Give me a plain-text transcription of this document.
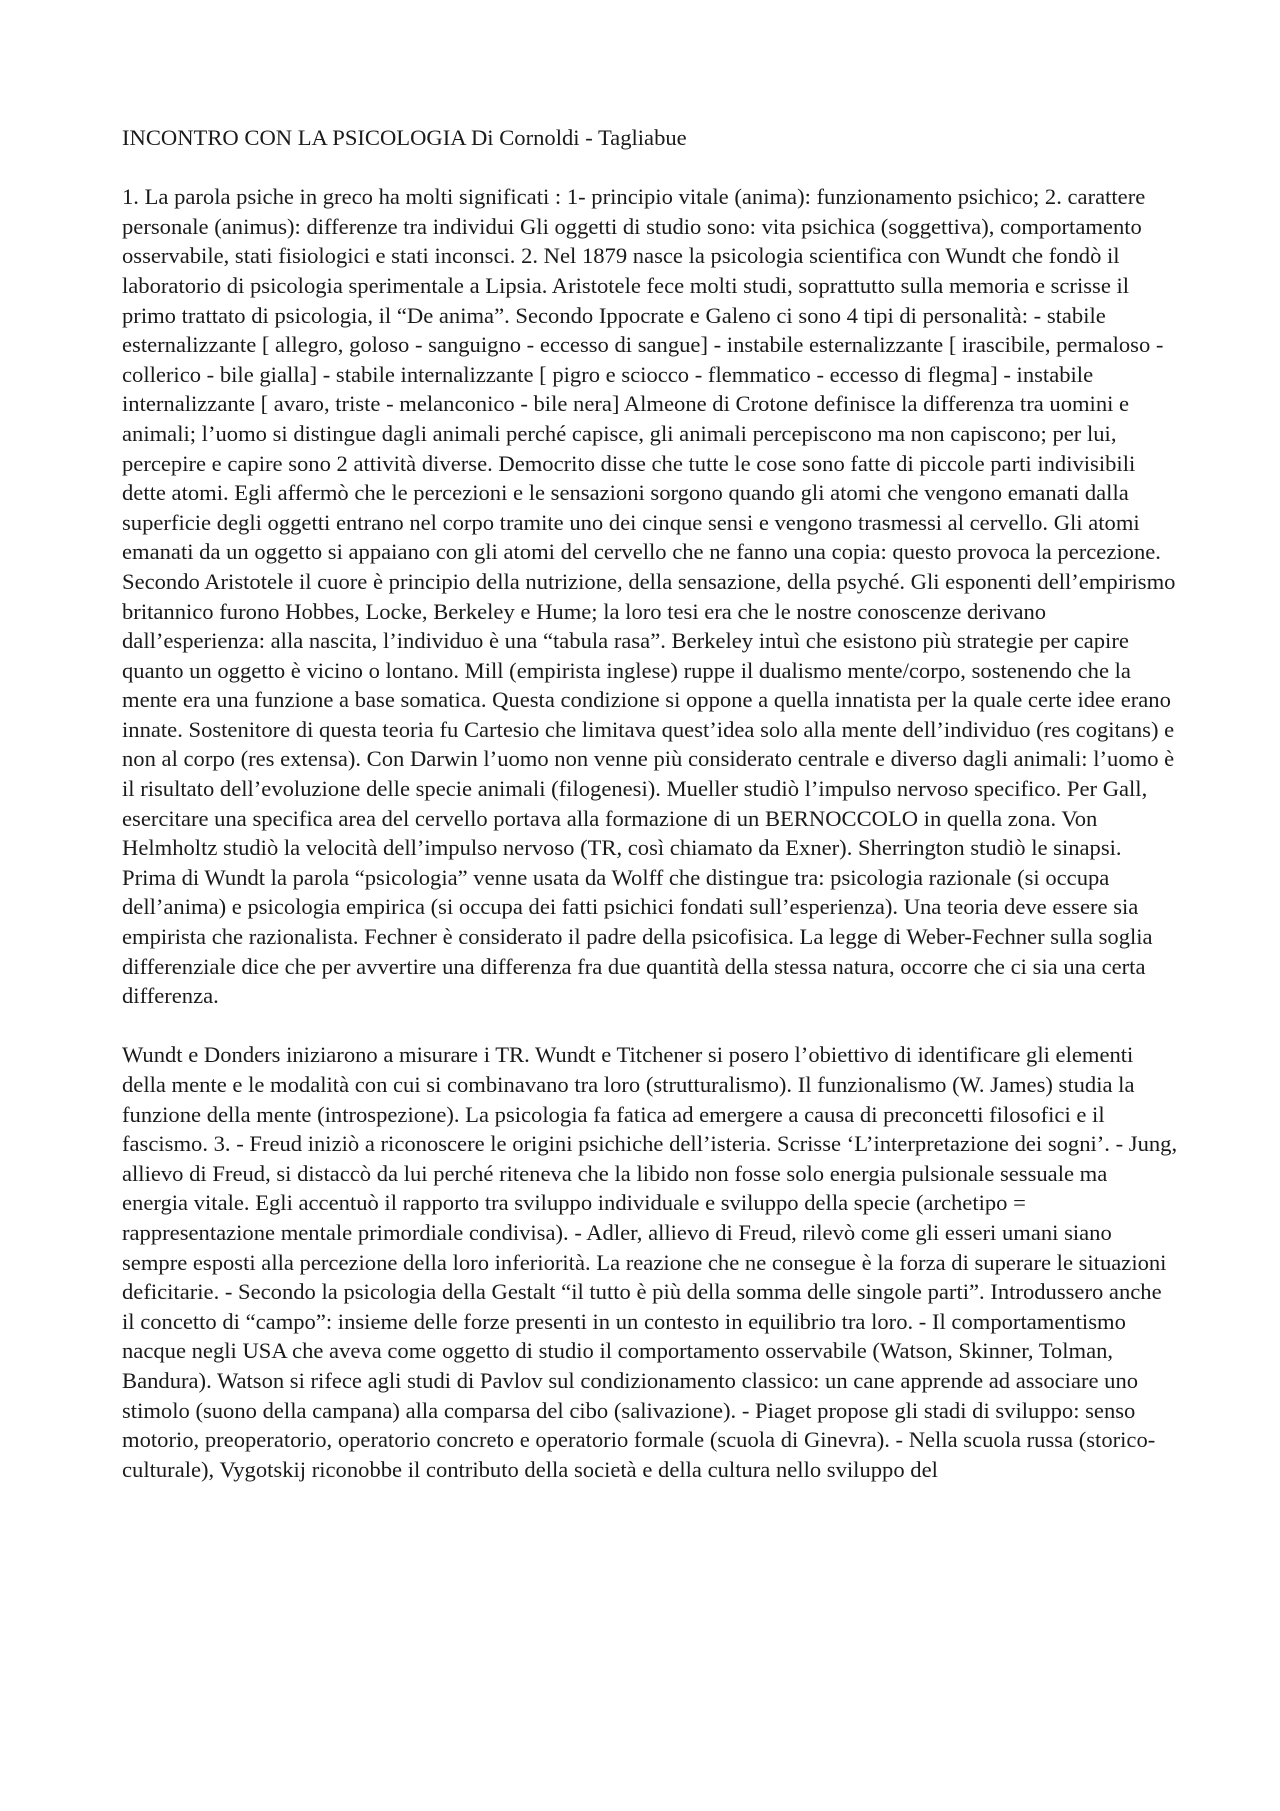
INCONTRO CON LA PSICOLOGIA Di Cornoldi - Tagliabue

1. La parola psiche in greco ha molti significati : 1- principio vitale (anima): funzionamento psichico; 2. carattere personale (animus): differenze tra individui Gli oggetti di studio sono: vita psichica (soggettiva), comportamento osservabile, stati fisiologici e stati inconsci. 2. Nel 1879 nasce la psicologia scientifica con Wundt che fondò il laboratorio di psicologia sperimentale a Lipsia. Aristotele fece molti studi, soprattutto sulla memoria e scrisse il primo trattato di psicologia, il “De anima”. Secondo Ippocrate e Galeno ci sono 4 tipi di personalità: - stabile esternalizzante [ allegro, goloso - sanguigno - eccesso di sangue] - instabile esternalizzante [ irascibile, permaloso - collerico - bile gialla] - stabile internalizzante [ pigro e sciocco - flemmatico - eccesso di flegma] - instabile internalizzante [ avaro, triste - melanconico - bile nera] Almeone di Crotone definisce la differenza tra uomini e animali; l’uomo si distingue dagli animali perché capisce, gli animali percepiscono ma non capiscono; per lui, percepire e capire sono 2 attività diverse. Democrito disse che tutte le cose sono fatte di piccole parti indivisibili dette atomi. Egli affermò che le percezioni e le sensazioni sorgono quando gli atomi che vengono emanati dalla superficie degli oggetti entrano nel corpo tramite uno dei cinque sensi e vengono trasmessi al cervello. Gli atomi emanati da un oggetto si appaiano con gli atomi del cervello che ne fanno una copia: questo provoca la percezione. Secondo Aristotele il cuore è principio della nutrizione, della sensazione, della psyché. Gli esponenti dell’empirismo britannico furono Hobbes, Locke, Berkeley e Hume; la loro tesi era che le nostre conoscenze derivano dall’esperienza: alla nascita, l’individuo è una “tabula rasa”. Berkeley intuì che esistono più strategie per capire quanto un oggetto è vicino o lontano. Mill (empirista inglese) ruppe il dualismo mente/corpo, sostenendo che la mente era una funzione a base somatica. Questa condizione si oppone a quella innatista per la quale certe idee erano innate. Sostenitore di questa teoria fu Cartesio che limitava quest’idea solo alla mente dell’individuo (res cogitans) e non al corpo (res extensa). Con Darwin l’uomo non venne più considerato centrale e diverso dagli animali: l’uomo è il risultato dell’evoluzione delle specie animali (filogenesi). Mueller studiò l’impulso nervoso specifico. Per Gall, esercitare una specifica area del cervello portava alla formazione di un BERNOCCOLO in quella zona. Von Helmholtz studiò la velocità dell’impulso nervoso (TR, così chiamato da Exner). Sherrington studiò le sinapsi. Prima di Wundt la parola “psicologia” venne usata da Wolff che distingue tra: psicologia razionale (si occupa dell’anima) e psicologia empirica (si occupa dei fatti psichici fondati sull’esperienza). Una teoria deve essere sia empirista che razionalista. Fechner è considerato il padre della psicofisica. La legge di Weber-Fechner sulla soglia differenziale dice che per avvertire una differenza fra due quantità della stessa natura, occorre che ci sia una certa differenza.

Wundt e Donders iniziarono a misurare i TR. Wundt e Titchener si posero l’obiettivo di identificare gli elementi della mente e le modalità con cui si combinavano tra loro (strutturalismo). Il funzionalismo (W. James) studia la funzione della mente (introspezione). La psicologia fa fatica ad emergere a causa di preconcetti filosofici e il fascismo. 3. - Freud iniziò a riconoscere le origini psichiche dell’isteria. Scrisse ‘L’interpretazione dei sogni’. - Jung, allievo di Freud, si distaccò da lui perché riteneva che la libido non fosse solo energia pulsionale sessuale ma energia vitale. Egli accentuò il rapporto tra sviluppo individuale e sviluppo della specie (archetipo = rappresentazione mentale primordiale condivisa). - Adler, allievo di Freud, rilevò come gli esseri umani siano sempre esposti alla percezione della loro inferiorità. La reazione che ne consegue è la forza di superare le situazioni deficitarie. - Secondo la psicologia della Gestalt “il tutto è più della somma delle singole parti”. Introdussero anche il concetto di “campo”: insieme delle forze presenti in un contesto in equilibrio tra loro. - Il comportamentismo nacque negli USA che aveva come oggetto di studio il comportamento osservabile (Watson, Skinner, Tolman, Bandura). Watson si rifece agli studi di Pavlov sul condizionamento classico: un cane apprende ad associare uno stimolo (suono della campana) alla comparsa del cibo (salivazione). - Piaget propose gli stadi di sviluppo: senso motorio, preoperatorio, operatorio concreto e operatorio formale (scuola di Ginevra). - Nella scuola russa (storico-culturale), Vygotskij riconobbe il contributo della società e della cultura nello sviluppo del
